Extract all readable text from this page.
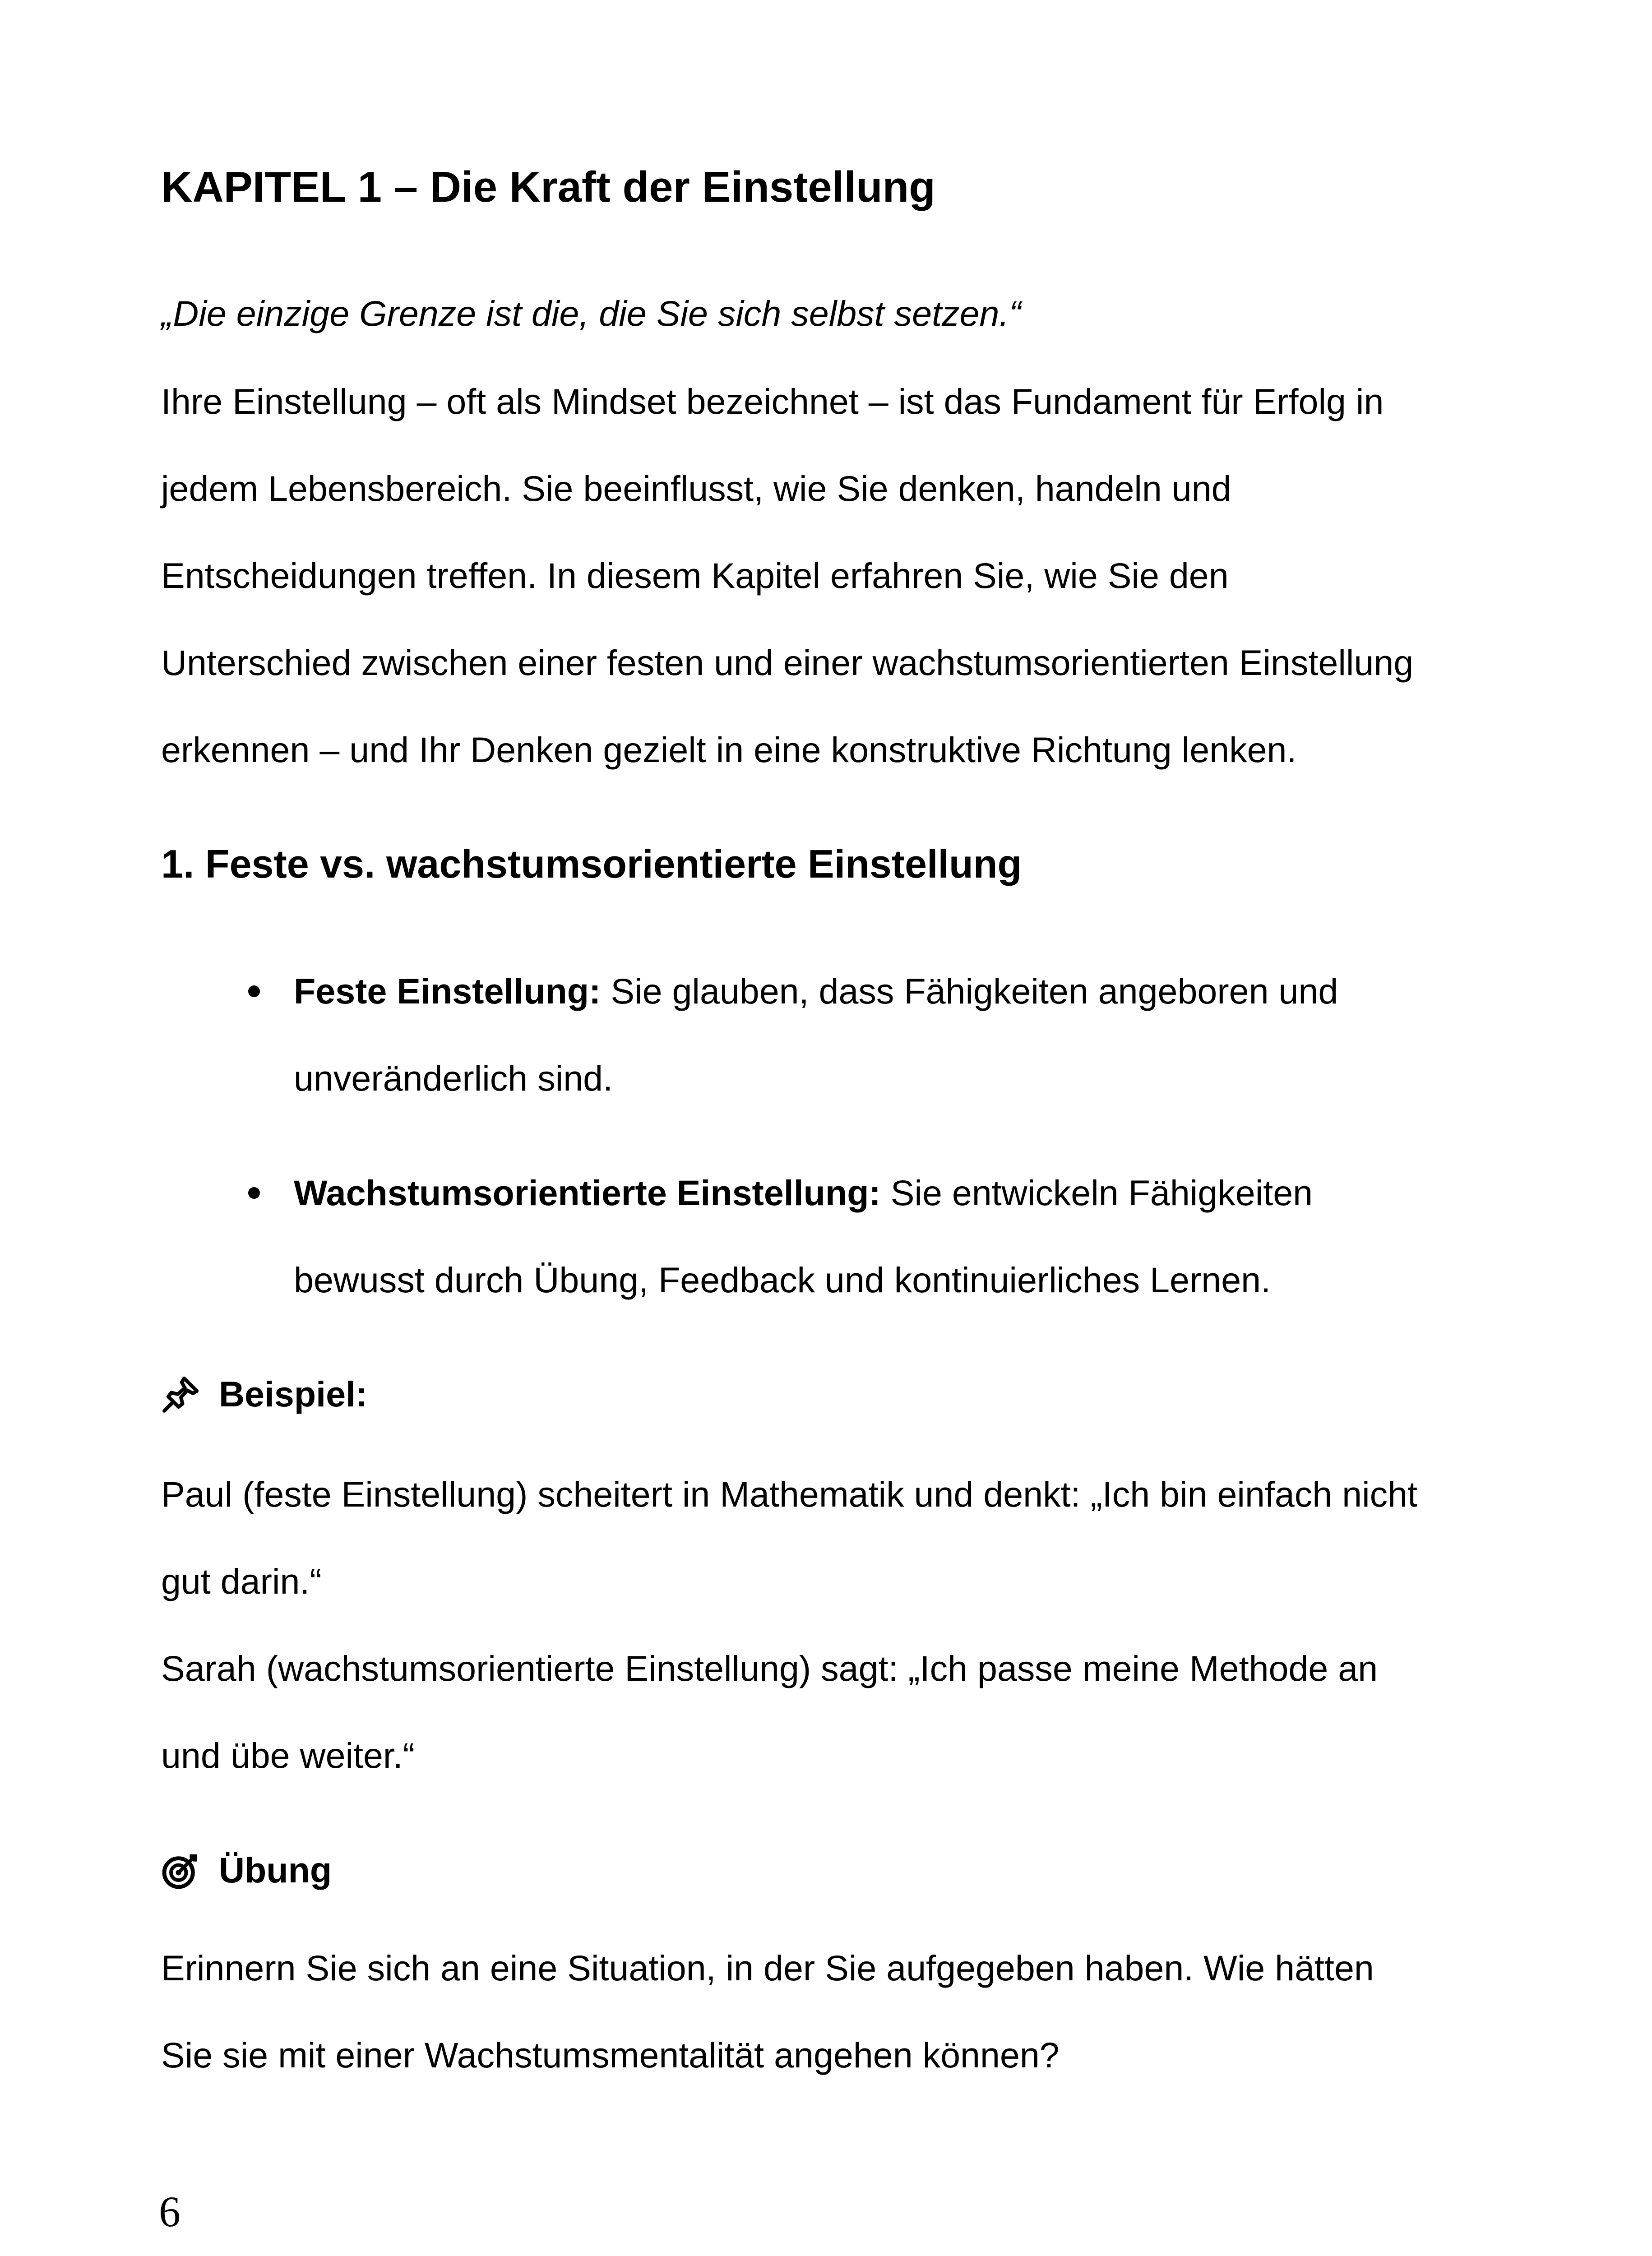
KAPITEL 1 – Die Kraft der Einstellung

„Die einzige Grenze ist die, die Sie sich selbst setzen.“

Ihre Einstellung – oft als Mindset bezeichnet – ist das Fundament für Erfolg in
jedem Lebensbereich. Sie beeinflusst, wie Sie denken, handeln und
Entscheidungen treffen. In diesem Kapitel erfahren Sie, wie Sie den
Unterschied zwischen einer festen und einer wachstumsorientierten Einstellung
erkennen – und Ihr Denken gezielt in eine konstruktive Richtung lenken.

1. Feste vs. wachstumsorientierte Einstellung
Feste Einstellung: Sie glauben, dass Fähigkeiten angeboren und
unveränderlich sind.
Wachstumsorientierte Einstellung: Sie entwickeln Fähigkeiten
bewusst durch Übung, Feedback und kontinuierliches Lernen.
Beispiel:

Paul (feste Einstellung) scheitert in Mathematik und denkt: „Ich bin einfach nicht
gut darin.“
Sarah (wachstumsorientierte Einstellung) sagt: „Ich passe meine Methode an
und übe weiter.“

Übung

Erinnern Sie sich an eine Situation, in der Sie aufgegeben haben. Wie hätten
Sie sie mit einer Wachstumsmentalität angehen können?

6
